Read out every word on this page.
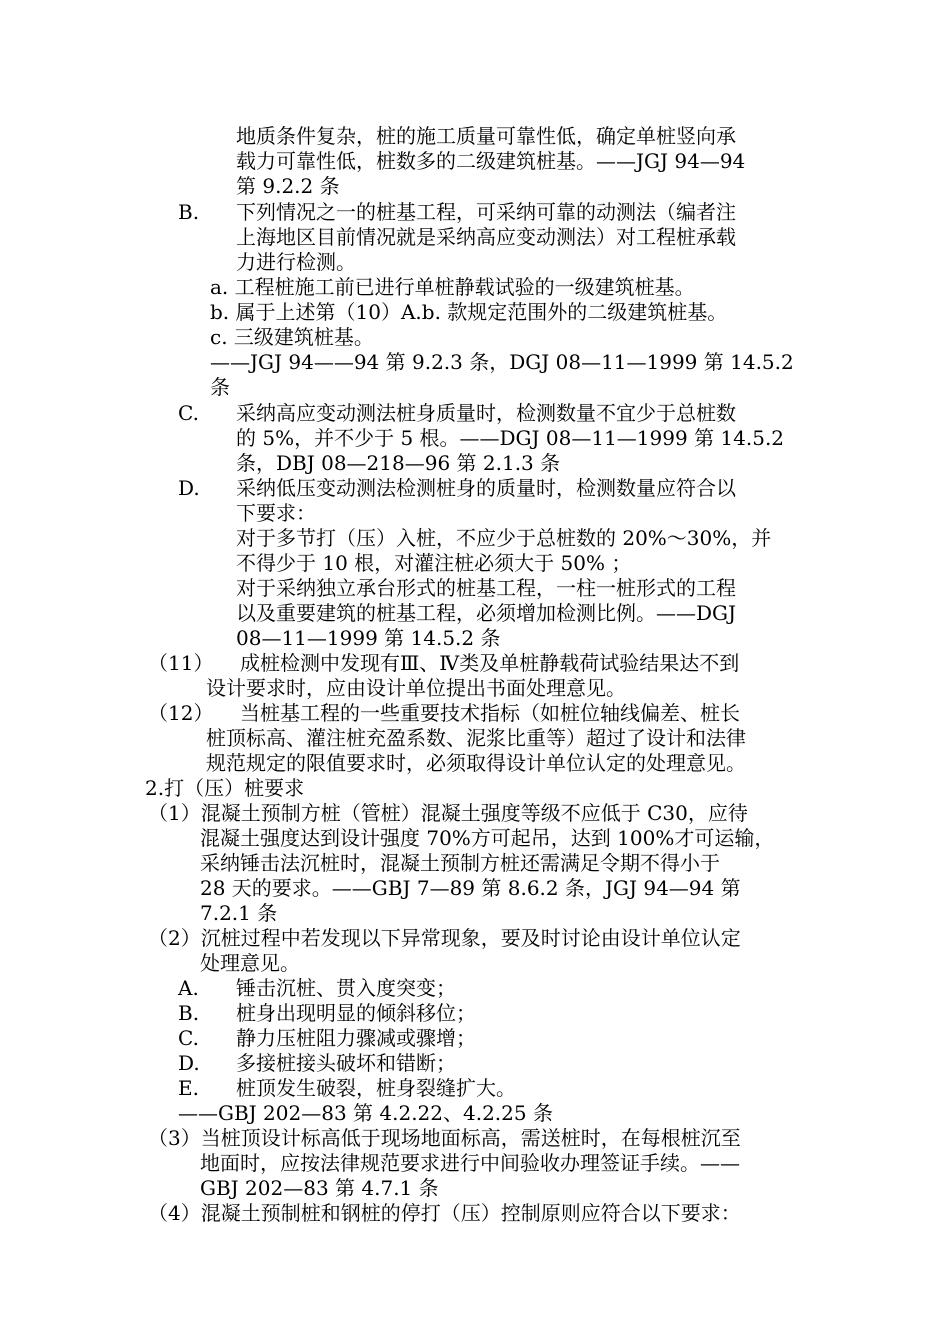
地质条件复杂，桩的施工质量可靠性低，确定单桩竖向承
载力可靠性低，桩数多的二级建筑桩基。——JGJ 94—94
第 9.2.2 条
B. 下列情况之一的桩基工程，可采纳可靠的动测法（编者注
上海地区目前情况就是采纳高应变动测法）对工程桩承载
力进行检测。
a. 工程桩施工前已进行单桩静载试验的一级建筑桩基。
b. 属于上述第（10）A.b. 款规定范围外的二级建筑桩基。
c. 三级建筑桩基。
——JGJ 94——94 第 9.2.3 条，DGJ 08—11—1999 第 14.5.2
条
C. 采纳高应变动测法桩身质量时，检测数量不宜少于总桩数
的 5%，并不少于 5 根。——DGJ 08—11—1999 第 14.5.2
条，DBJ 08—218—96 第 2.1.3 条
D. 采纳低压变动测法检测桩身的质量时，检测数量应符合以
下要求：
对于多节打（压）入桩，不应少于总桩数的 20%～30%，并
不得少于 10 根，对灌注桩必须大于 50% ；
对于采纳独立承台形式的桩基工程，一柱一桩形式的工程
以及重要建筑的桩基工程，必须增加检测比例。——DGJ
08—11—1999 第 14.5.2 条
（11） 成桩检测中发现有Ⅲ、Ⅳ类及单桩静载荷试验结果达不到
设计要求时，应由设计单位提出书面处理意见。
（12） 当桩基工程的一些重要技术指标（如桩位轴线偏差、桩长
桩顶标高、灌注桩充盈系数、泥浆比重等）超过了设计和法律
规范规定的限值要求时，必须取得设计单位认定的处理意见。
2.打（压）桩要求
（1）混凝土预制方桩（管桩）混凝土强度等级不应低于 C30，应待
混凝土强度达到设计强度 70%方可起吊，达到 100%才可运输，
采纳锤击法沉桩时，混凝土预制方桩还需满足令期不得小于
28 天的要求。——GBJ 7—89 第 8.6.2 条，JGJ 94—94 第
7.2.1 条
（2）沉桩过程中若发现以下异常现象，要及时讨论由设计单位认定
处理意见。
A. 锤击沉桩、贯入度突变；
B. 桩身出现明显的倾斜移位；
C. 静力压桩阻力骤减或骤增；
D. 多接桩接头破坏和错断；
E. 桩顶发生破裂，桩身裂缝扩大。
——GBJ 202—83 第 4.2.22、4.2.25 条
（3）当桩顶设计标高低于现场地面标高，需送桩时，在每根桩沉至
地面时，应按法律规范要求进行中间验收办理签证手续。——
GBJ 202—83 第 4.7.1 条
（4）混凝土预制桩和钢桩的停打（压）控制原则应符合以下要求：
